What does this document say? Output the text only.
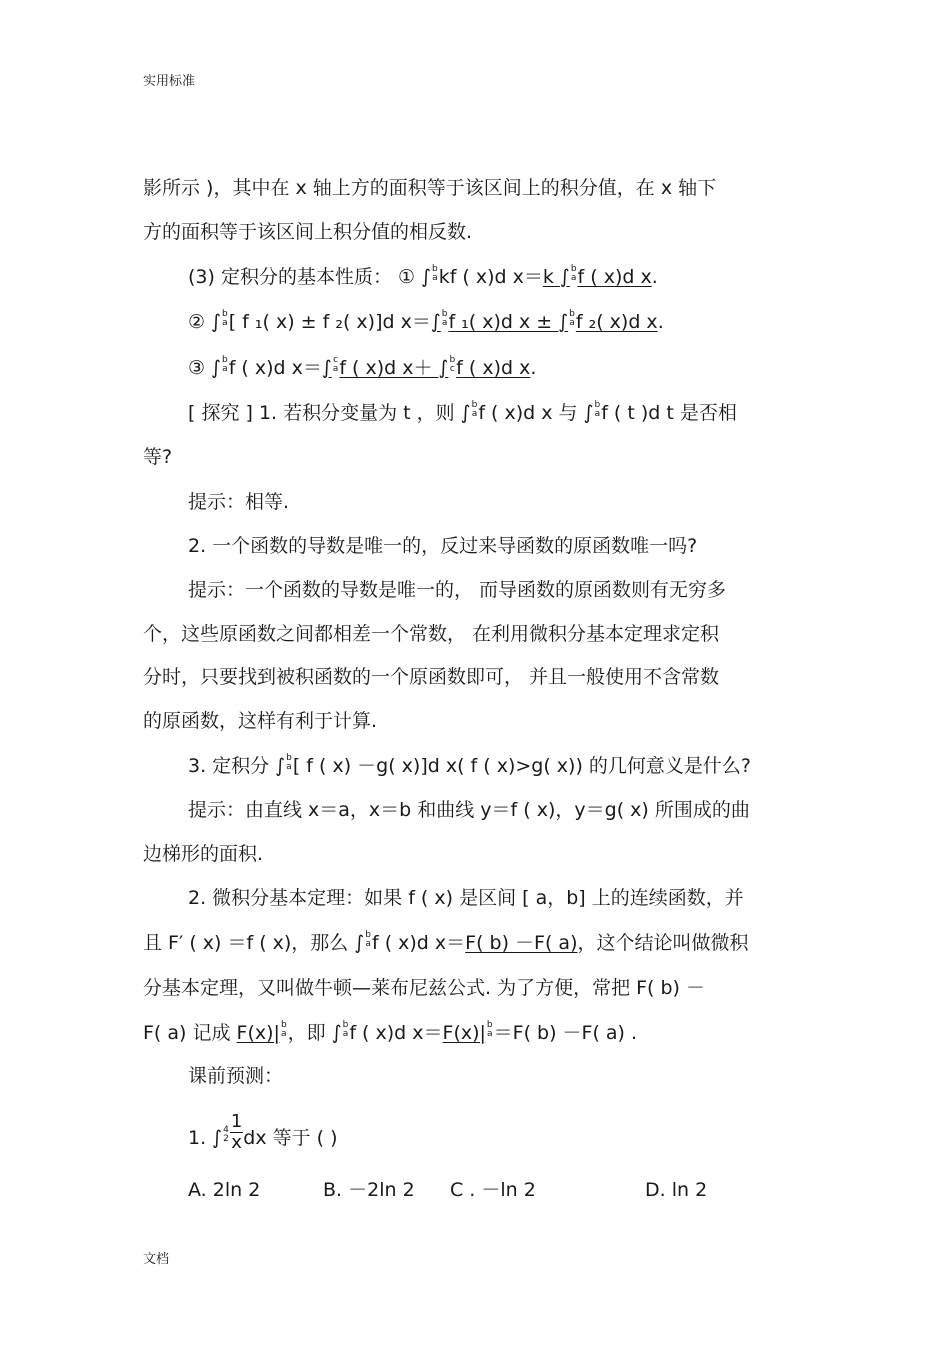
实用标准
影所示 )，其中在 x 轴上方的面积等于该区间上的积分值，在 x 轴下
方的面积等于该区间上积分值的相反数.
(3) 定积分的基本性质： ① ∫ b
a kf ( x)d x＝k ∫ b
a f ( x)d x.
② ∫ b
a [ f ₁( x) ± f ₂( x)]d x＝∫ b
a f ₁( x)d x ± ∫ b
a f ₂( x)d x.
③ ∫ b
a f ( x)d x＝∫ c
a f ( x)d x＋ ∫ b
c f ( x)d x.
[ 探究 ] 1. 若积分变量为 t ，则 ∫ b
a f ( x)d x 与 ∫ b
a f ( t )d t 是否相
等?
提示：相等.
2. 一个函数的导数是唯一的，反过来导函数的原函数唯一吗?
提示：一个函数的导数是唯一的， 而导函数的原函数则有无穷多
个，这些原函数之间都相差一个常数， 在利用微积分基本定理求定积
分时，只要找到被积函数的一个原函数即可， 并且一般使用不含常数
的原函数，这样有利于计算.
3. 定积分 ∫ b
a [ f ( x) －g( x)]d x( f ( x)>g( x)) 的几何意义是什么?
提示：由直线 x＝a，x＝b 和曲线 y＝f ( x)，y＝g( x) 所围成的曲
边梯形的面积.
2. 微积分基本定理：如果 f ( x) 是区间 [ a，b] 上的连续函数，并
且 F′ ( x) ＝f ( x)，那么 ∫ b
a f ( x)d x＝F( b) －F( a)，这个结论叫做微积
分基本定理，又叫做牛顿—莱布尼兹公式. 为了方便，常把 F( b) －
F( a) 记成 F(x)| b
a ，即 ∫ b
a f ( x)d x＝F(x)| b
a ＝F( b) －F( a) .
课前预测：
1. ∫ 4
$2 \frac{1}{x}$ dx 等于 ( )
A. 2ln 2	B. －2ln 2 C . －ln 2	D. ln 2
文档
